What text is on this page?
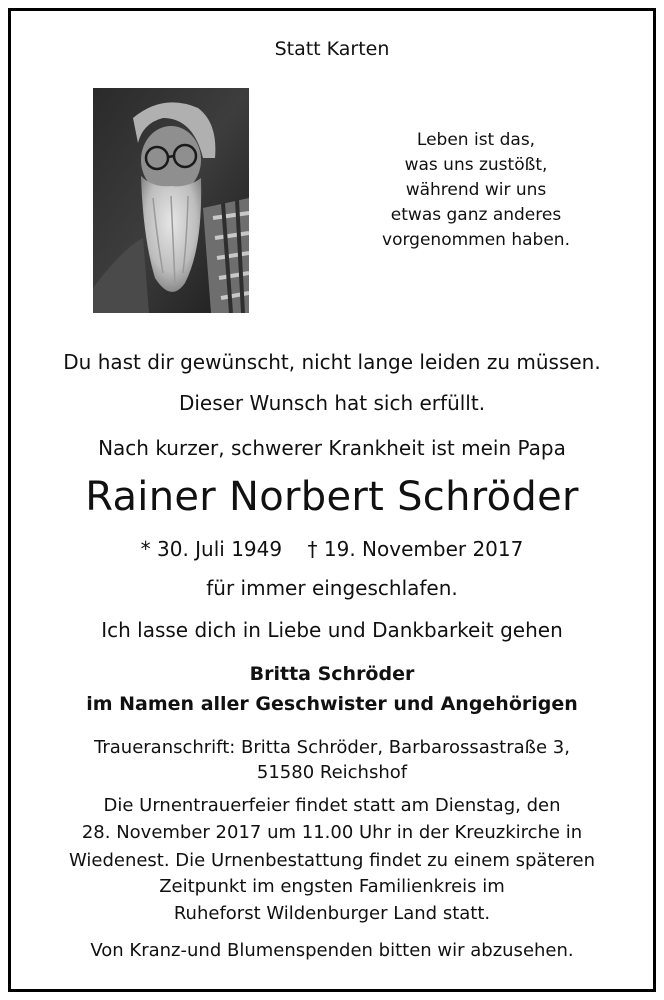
Statt Karten
Leben ist das,
was uns zustößt,
während wir uns
etwas ganz anderes
vorgenommen haben.
Du hast dir gewünscht, nicht lange leiden zu müssen.
Dieser Wunsch hat sich erfüllt.
Nach kurzer, schwerer Krankheit ist mein Papa
Rainer Norbert Schröder
* 30. Juli 1949    † 19. November 2017
für immer eingeschlafen.
Ich lasse dich in Liebe und Dankbarkeit gehen
Britta Schröder
im Namen aller Geschwister und Angehörigen
Traueranschrift: Britta Schröder, Barbarossastraße 3,
51580 Reichshof
Die Urnentrauerfeier findet statt am Dienstag, den
28. November 2017 um 11.00 Uhr in der Kreuzkirche in
Wiedenest. Die Urnenbestattung findet zu einem späteren
Zeitpunkt im engsten Familienkreis im
Ruheforst Wildenburger Land statt.
Von Kranz-und Blumenspenden bitten wir abzusehen.
